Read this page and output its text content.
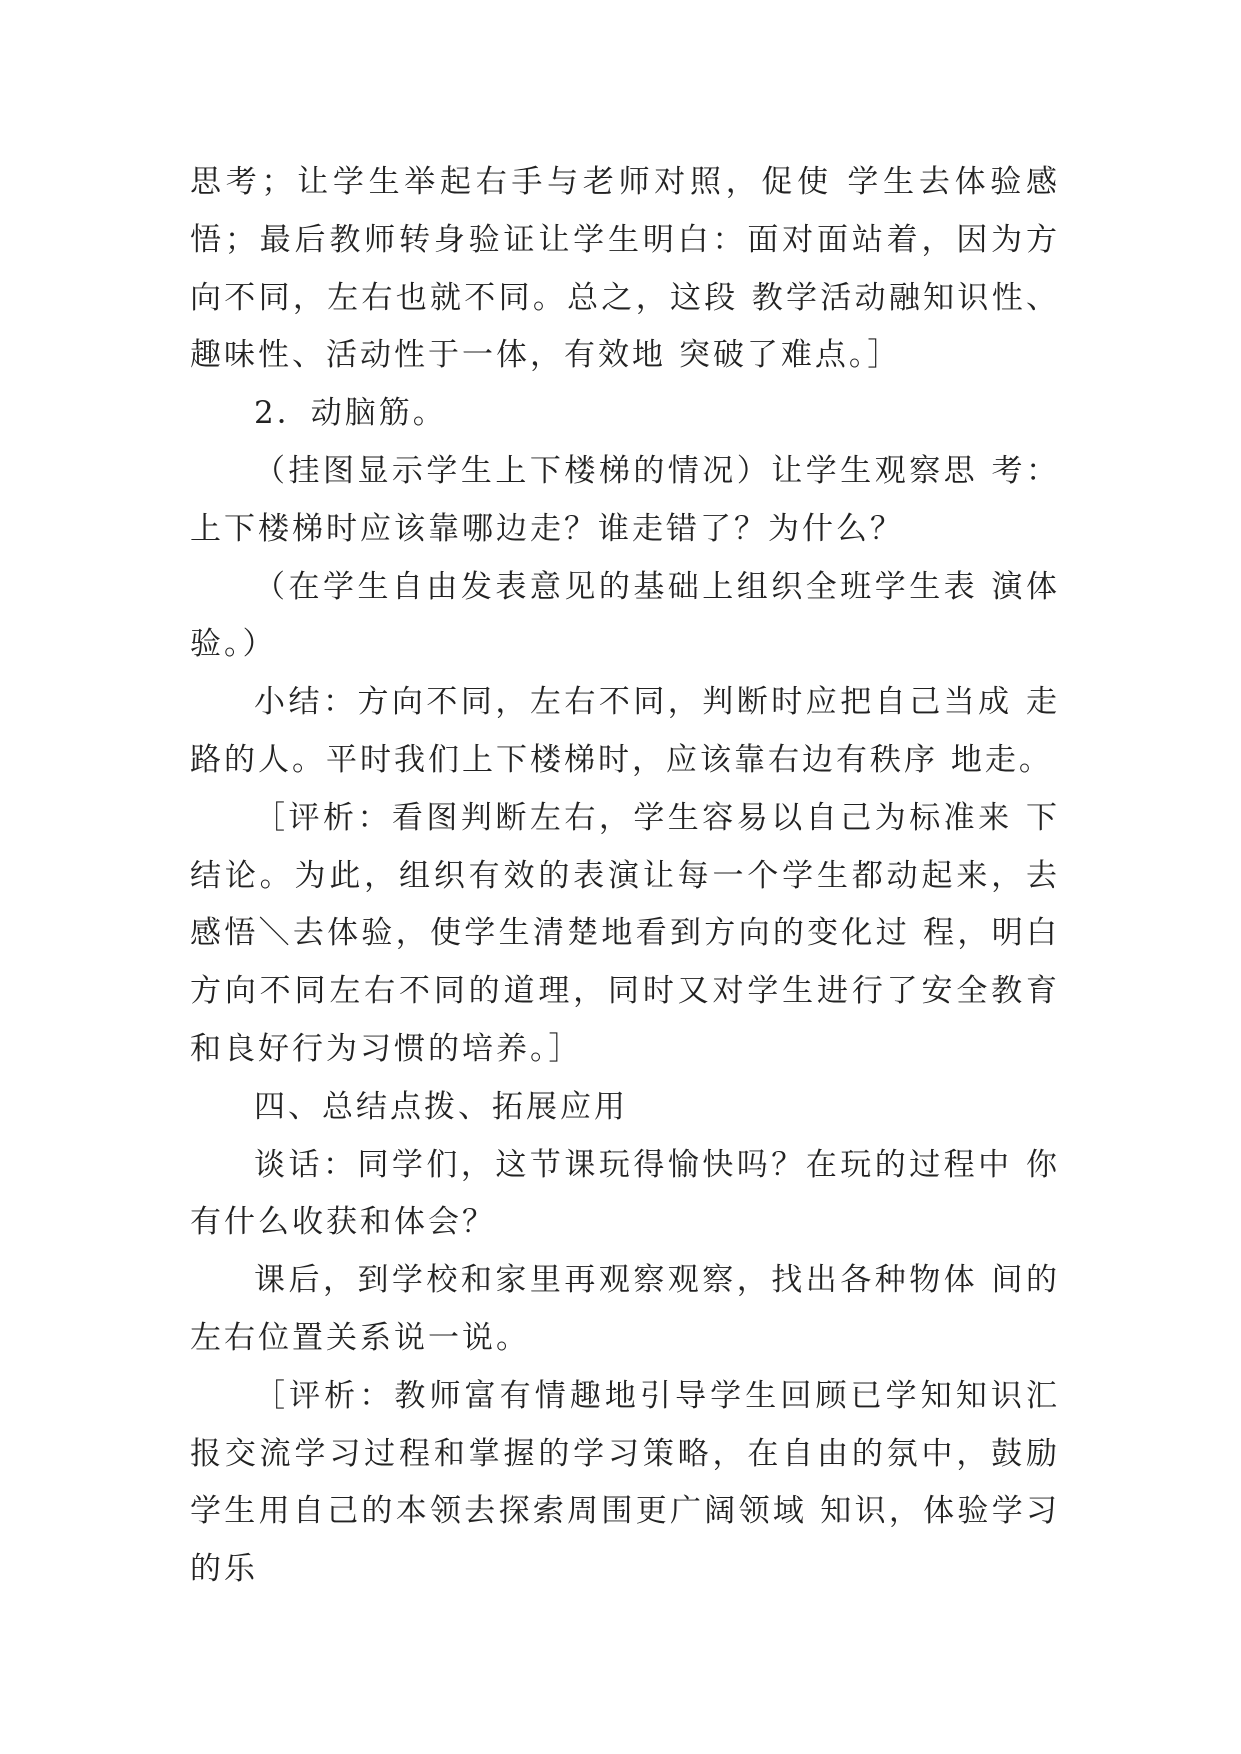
思考；让学生举起右手与老师对照，促使 学生去体验感悟；最后教师转身验证让学生明白：面对面站着，因为方向不同，左右也就不同。总之，这段 教学活动融知识性、趣味性、活动性于一体，有效地 突破了难点。］

2．动脑筋。

（挂图显示学生上下楼梯的情况）让学生观察思 考：上下楼梯时应该靠哪边走？谁走错了？为什么？

（在学生自由发表意见的基础上组织全班学生表 演体验。）

小结：方向不同，左右不同，判断时应把自己当成 走路的人。平时我们上下楼梯时，应该靠右边有秩序 地走。

［评析：看图判断左右，学生容易以自己为标准来 下结论。为此，组织有效的表演让每一个学生都动起来，去感悟＼去体验，使学生清楚地看到方向的变化过 程，明白方向不同左右不同的道理，同时又对学生进行了安全教育和良好行为习惯的培养。］

四、总结点拨、拓展应用

谈话：同学们，这节课玩得愉快吗？在玩的过程中 你有什么收获和体会？

课后，到学校和家里再观察观察，找出各种物体 间的左右位置关系说一说。

［评析：教师富有情趣地引导学生回顾已学知知识汇报交流学习过程和掌握的学习策略，在自由的氛中，鼓励学生用自己的本领去探索周围更广阔领域 知识，体验学习的乐
